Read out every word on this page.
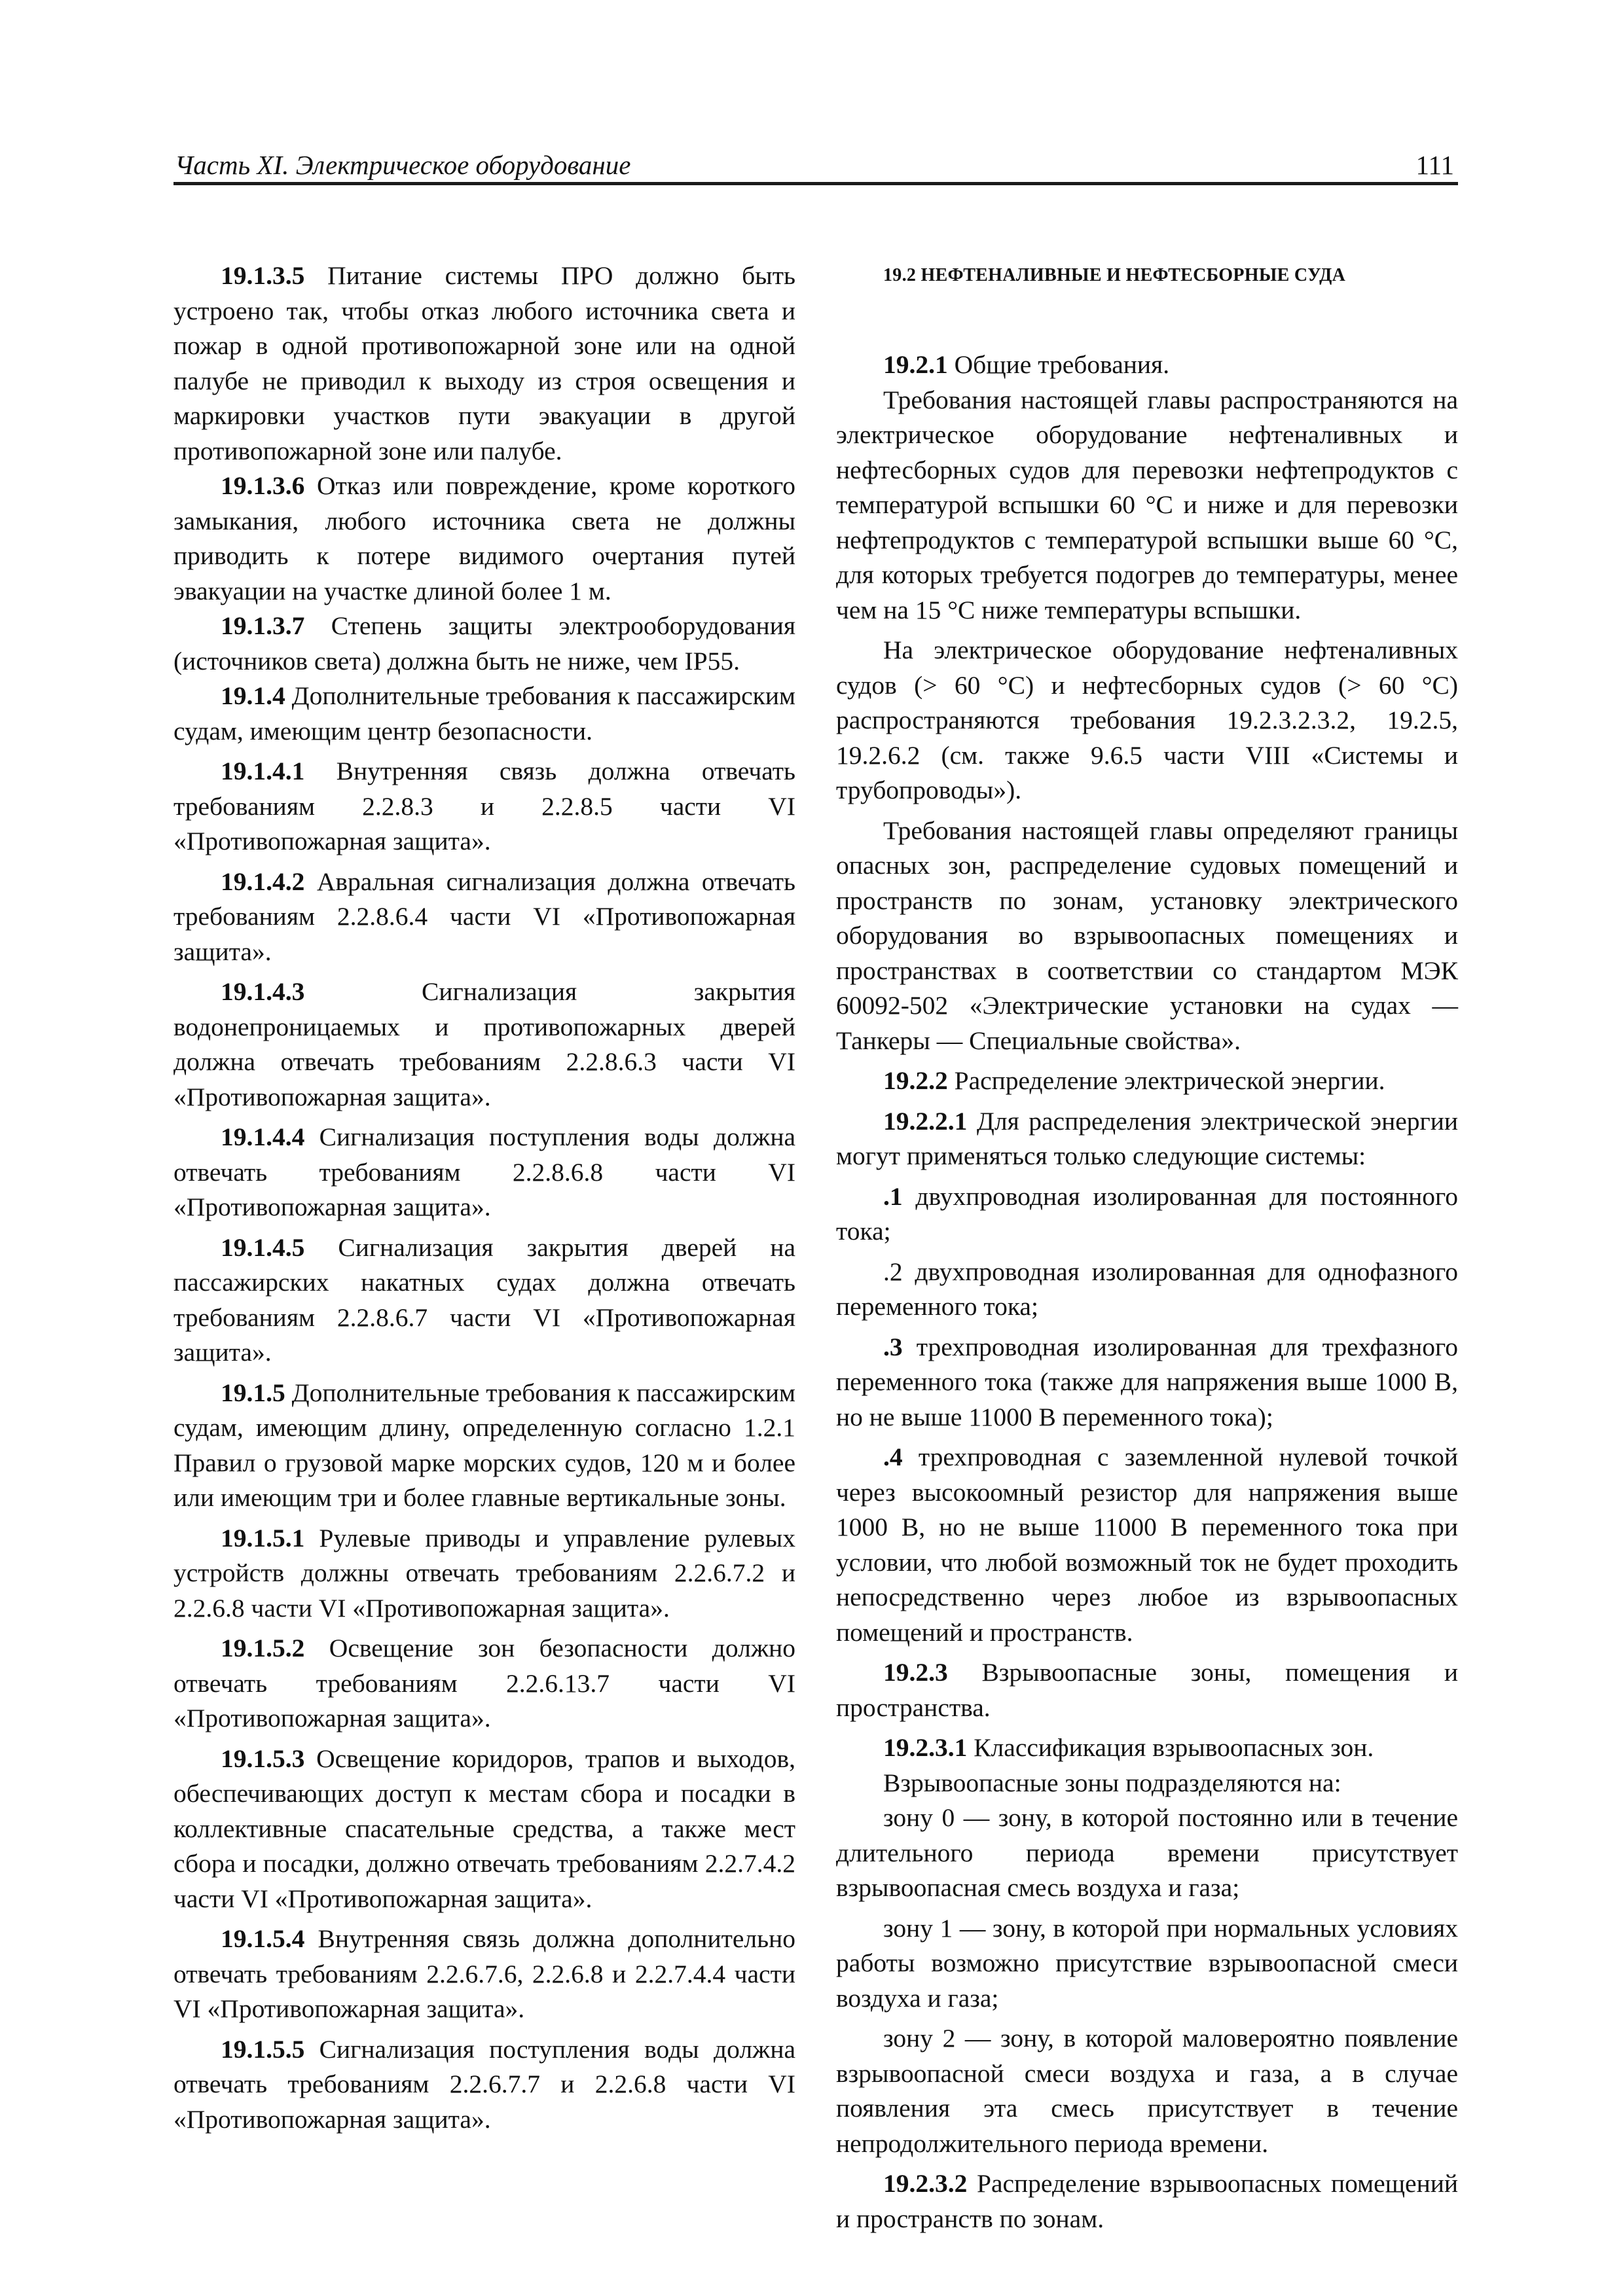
Часть XI. Электрическое оборудование	111

19.1.3.5 Питание системы ПРО должно быть устроено так, чтобы отказ любого источника света и пожар в одной противопожарной зоне или на одной палубе не приводил к выходу из строя освещения и маркировки участков пути эвакуации в другой противопожарной зоне или палубе.

19.1.3.6 Отказ или повреждение, кроме короткого замыкания, любого источника света не должны приводить к потере видимого очертания путей эвакуации на участке длиной более 1 м.

19.1.3.7 Степень защиты электрооборудования (источников света) должна быть не ниже, чем IP55.

19.1.4 Дополнительные требования к пассажирским судам, имеющим центр безопасности.

19.1.4.1 Внутренняя связь должна отвечать требованиям 2.2.8.3 и 2.2.8.5 части VI «Противопожарная защита».

19.1.4.2 Авральная сигнализация должна отвечать требованиям 2.2.8.6.4 части VI «Противопожарная защита».

19.1.4.3 Сигнализация закрытия водонепроницаемых и противопожарных дверей должна отвечать требованиям 2.2.8.6.3 части VI «Противопожарная защита».

19.1.4.4 Сигнализация поступления воды должна отвечать требованиям 2.2.8.6.8 части VI «Противопожарная защита».

19.1.4.5 Сигнализация закрытия дверей на пассажирских накатных судах должна отвечать требованиям 2.2.8.6.7 части VI «Противопожарная защита».

19.1.5 Дополнительные требования к пассажирским судам, имеющим длину, определенную согласно 1.2.1 Правил о грузовой марке морских судов, 120 м и более или имеющим три и более главные вертикальные зоны.

19.1.5.1 Рулевые приводы и управление рулевых устройств должны отвечать требованиям 2.2.6.7.2 и 2.2.6.8 части VI «Противопожарная защита».

19.1.5.2 Освещение зон безопасности должно отвечать требованиям 2.2.6.13.7 части VI «Противопожарная защита».

19.1.5.3 Освещение коридоров, трапов и выходов, обеспечивающих доступ к местам сбора и посадки в коллективные спасательные средства, а также мест сбора и посадки, должно отвечать требованиям 2.2.7.4.2 части VI «Противопожарная защита».

19.1.5.4 Внутренняя связь должна дополнительно отвечать требованиям 2.2.6.7.6, 2.2.6.8 и 2.2.7.4.4 части VI «Противопожарная защита».

19.1.5.5 Сигнализация поступления воды должна отвечать требованиям 2.2.6.7.7 и 2.2.6.8 части VI «Противопожарная защита».

19.2 НЕФТЕНАЛИВНЫЕ И НЕФТЕСБОРНЫЕ СУДА

19.2.1 Общие требования.

Требования настоящей главы распространяются на электрическое оборудование нефтеналивных и нефтесборных судов для перевозки нефтепродуктов с температурой вспышки 60 °С и ниже и для перевозки нефтепродуктов с температурой вспышки выше 60 °С, для которых требуется подогрев до температуры, менее чем на 15 °С ниже температуры вспышки.

На электрическое оборудование нефтеналивных судов (> 60 °С) и нефтесборных судов (> 60 °С) распространяются требования 19.2.3.2.3.2, 19.2.5, 19.2.6.2 (см. также 9.6.5 части VIII «Системы и трубопроводы»).

Требования настоящей главы определяют границы опасных зон, распределение судовых помещений и пространств по зонам, установку электрического оборудования во взрывоопасных помещениях и пространствах в соответствии со стандартом МЭК 60092-502 «Электрические установки на судах — Танкеры — Специальные свойства».

19.2.2 Распределение электрической энергии.

19.2.2.1 Для распределения электрической энергии могут применяться только следующие системы:

.1 двухпроводная изолированная для постоянного тока;

.2 двухпроводная изолированная для однофазного переменного тока;

.3 трехпроводная изолированная для трехфазного переменного тока (также для напряжения выше 1000 В, но не выше 11000 В переменного тока);

.4 трехпроводная с заземленной нулевой точкой через высокоомный резистор для напряжения выше 1000 В, но не выше 11000 В переменного тока при условии, что любой возможный ток не будет проходить непосредственно через любое из взрывоопасных помещений и пространств.

19.2.3 Взрывоопасные зоны, помещения и пространства.

19.2.3.1 Классификация взрывоопасных зон.

Взрывоопасные зоны подразделяются на:

зону 0 — зону, в которой постоянно или в течение длительного периода времени присутствует взрывоопасная смесь воздуха и газа;

зону 1 — зону, в которой при нормальных условиях работы возможно присутствие взрывоопасной смеси воздуха и газа;

зону 2 — зону, в которой маловероятно появление взрывоопасной смеси воздуха и газа, а в случае появления эта смесь присутствует в течение непродолжительного периода времени.

19.2.3.2 Распределение взрывоопасных помещений и пространств по зонам.
